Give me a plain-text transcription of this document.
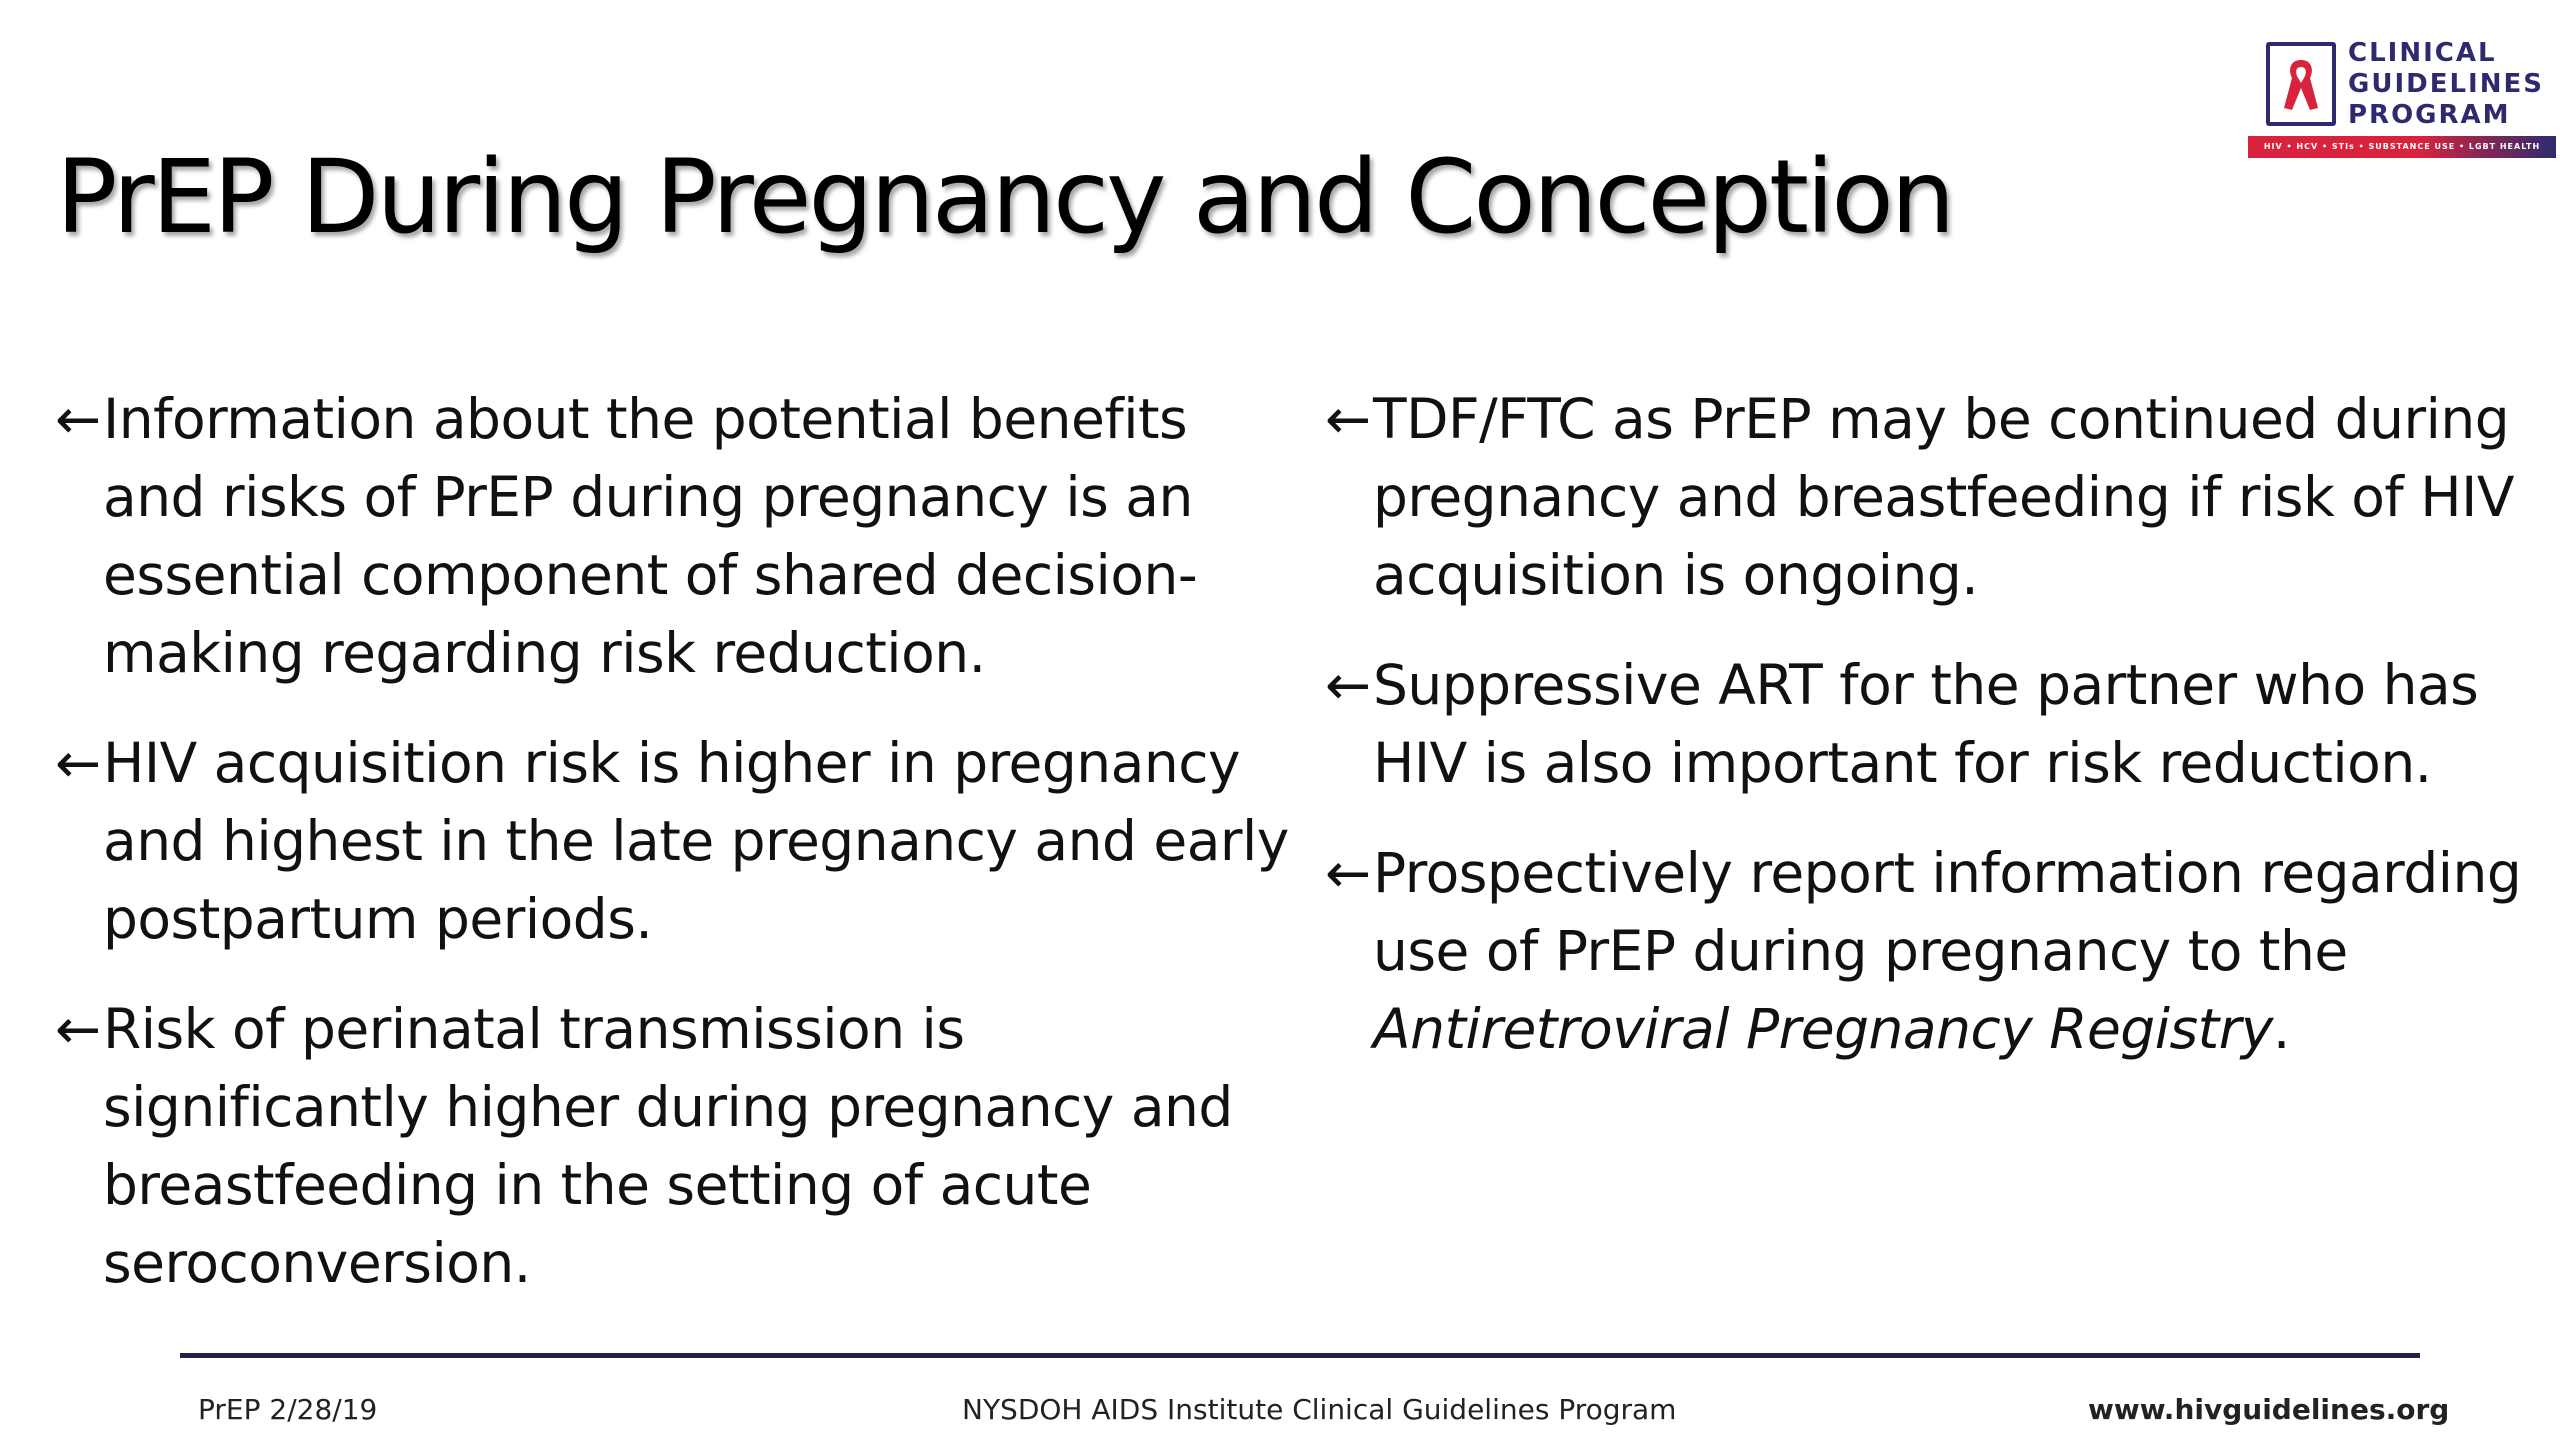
CLINICAL
GUIDELINES
PROGRAM
HIV • HCV • STIs • SUBSTANCE USE • LGBT HEALTH
PrEP During Pregnancy and Conception
← Information about the potential benefits and risks of PrEP during pregnancy is an essential component of shared decision-making regarding risk reduction.
← HIV acquisition risk is higher in pregnancy and highest in the late pregnancy and early postpartum periods.
← Risk of perinatal transmission is significantly higher during pregnancy and breastfeeding in the setting of acute seroconversion.
← TDF/FTC as PrEP may be continued during pregnancy and breastfeeding if risk of HIV acquisition is ongoing.
← Suppressive ART for the partner who has HIV is also important for risk reduction.
← Prospectively report information regarding use of PrEP during pregnancy to the Antiretroviral Pregnancy Registry.
PrEP 2/28/19	NYSDOH AIDS Institute Clinical Guidelines Program	www.hivguidelines.org
